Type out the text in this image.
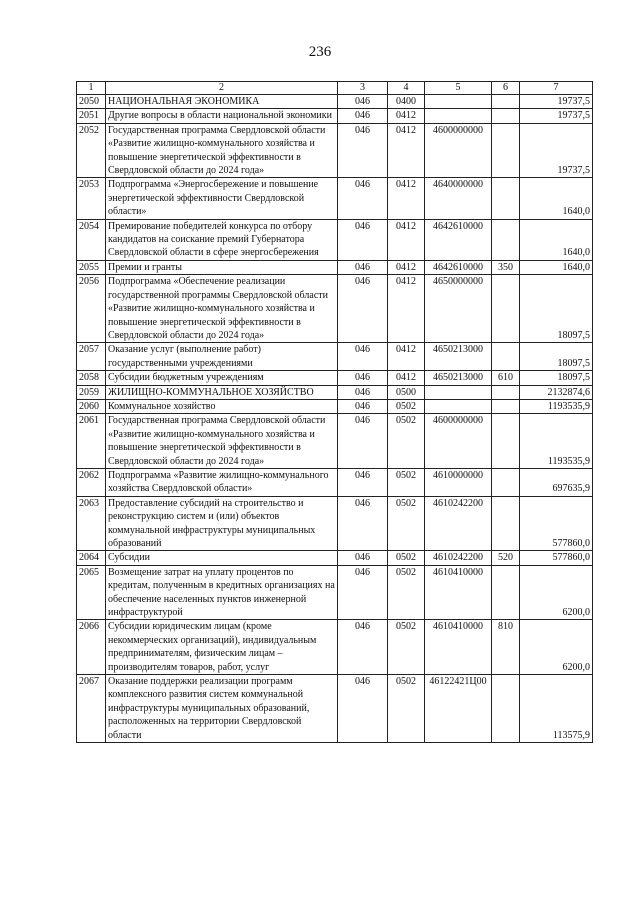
236
1	2	3	4	5	6	7
2050	НАЦИОНАЛЬНАЯ ЭКОНОМИКА	046	0400			19737,5
2051	Другие вопросы в области национальной экономики	046	0412			19737,5
2052	Государственная программа Свердловской области «Развитие жилищно-коммунального хозяйства и повышение энергетической эффективности в Свердловской области до 2024 года»	046	0412	4600000000		19737,5
2053	Подпрограмма «Энергосбережение и повышение энергетической эффективности Свердловской области»	046	0412	4640000000		1640,0
2054	Премирование победителей конкурса по отбору кандидатов на соискание премий Губернатора Свердловской области в сфере энергосбережения	046	0412	4642610000		1640,0
2055	Премии и гранты	046	0412	4642610000	350	1640,0
2056	Подпрограмма «Обеспечение реализации государственной программы Свердловской области «Развитие жилищно-коммунального хозяйства и повышение энергетической эффективности в Свердловской области до 2024 года»	046	0412	4650000000		18097,5
2057	Оказание услуг (выполнение работ) государственными учреждениями	046	0412	4650213000		18097,5
2058	Субсидии бюджетным учреждениям	046	0412	4650213000	610	18097,5
2059	ЖИЛИЩНО-КОММУНАЛЬНОЕ ХОЗЯЙСТВО	046	0500			2132874,6
2060	Коммунальное хозяйство	046	0502			1193535,9
2061	Государственная программа Свердловской области «Развитие жилищно-коммунального хозяйства и повышение энергетической эффективности в Свердловской области до 2024 года»	046	0502	4600000000		1193535,9
2062	Подпрограмма «Развитие жилищно-коммунального хозяйства Свердловской области»	046	0502	4610000000		697635,9
2063	Предоставление субсидий на строительство и реконструкцию систем и (или) объектов коммунальной инфраструктуры муниципальных образований	046	0502	4610242200		577860,0
2064	Субсидии	046	0502	4610242200	520	577860,0
2065	Возмещение затрат на уплату процентов по кредитам, полученным в кредитных организациях на обеспечение населенных пунктов инженерной инфраструктурой	046	0502	4610410000		6200,0
2066	Субсидии юридическим лицам (кроме некоммерческих организаций), индивидуальным предпринимателям, физическим лицам – производителям товаров, работ, услуг	046	0502	4610410000	810	6200,0
2067	Оказание поддержки реализации программ комплексного развития систем коммунальной инфраструктуры муниципальных образований, расположенных на территории Свердловской области	046	0502	46122421Ц00		113575,9
